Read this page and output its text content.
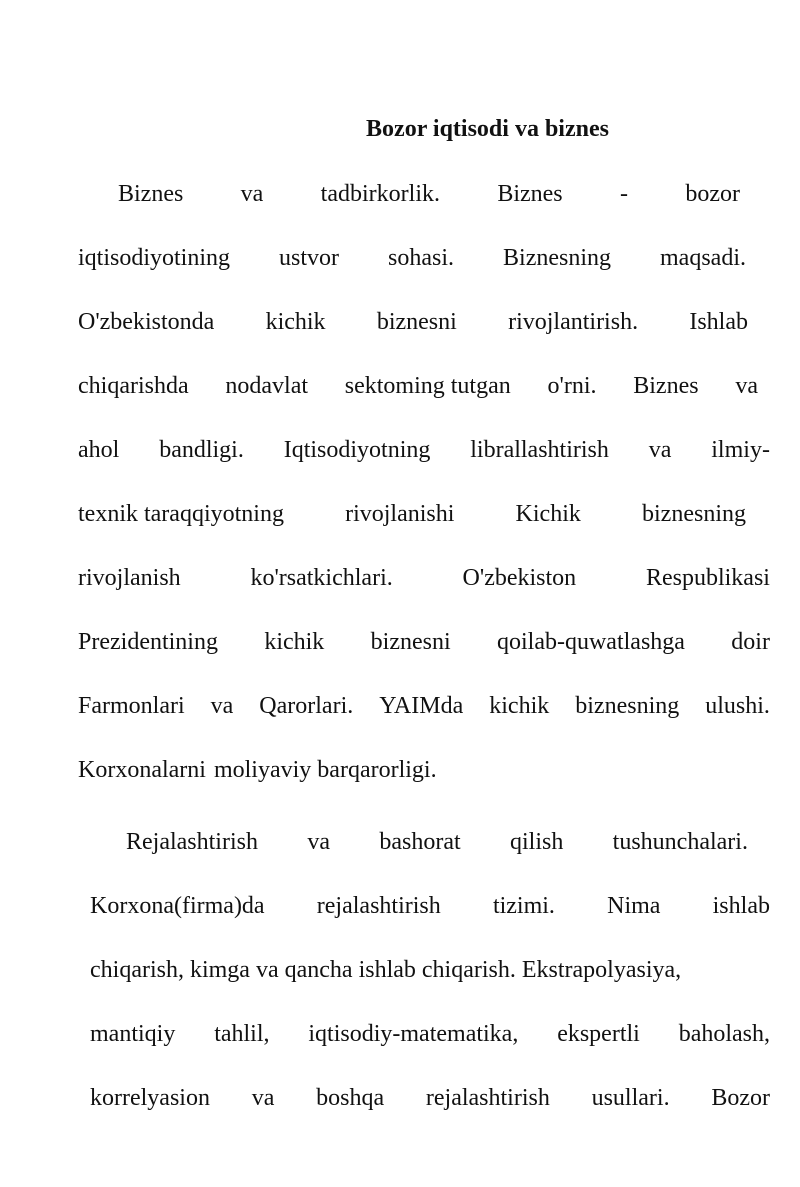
Bozor iqtisodi va biznes
Biznes va tadbirkorlik. Biznes - bozor
iqtisodiyotining ustvor sohasi. Biznesning maqsadi.
O'zbekistonda kichik biznesni rivojlantirish. Ishlab
chiqarishda nodavlat sektoming tutgan o'rni. Biznes va
ahol bandligi. Iqtisodiyotning librallashtirish va ilmiy-
texnik taraqqiyotning	rivojlanishi	Kichik	biznesning
rivojlanish	ko'rsatkichlari.	O'zbekiston	Respublikasi
Prezidentining kichik biznesni qoilab-quwatlashga doir
Farmonlari va Qarorlari. YAIMda kichik biznesning ulushi.
Korxonalarni moliyaviy barqarorligi.
Rejalashtirish va bashorat qilish tushunchalari.
Korxona(firma)da rejalashtirish tizimi. Nima ishlab
chiqarish, kimga va qancha ishlab chiqarish. Ekstrapolyasiya,
mantiqiy tahlil, iqtisodiy-matematika, ekspertli baholash,
korrelyasion va boshqa rejalashtirish usullari. Bozor
